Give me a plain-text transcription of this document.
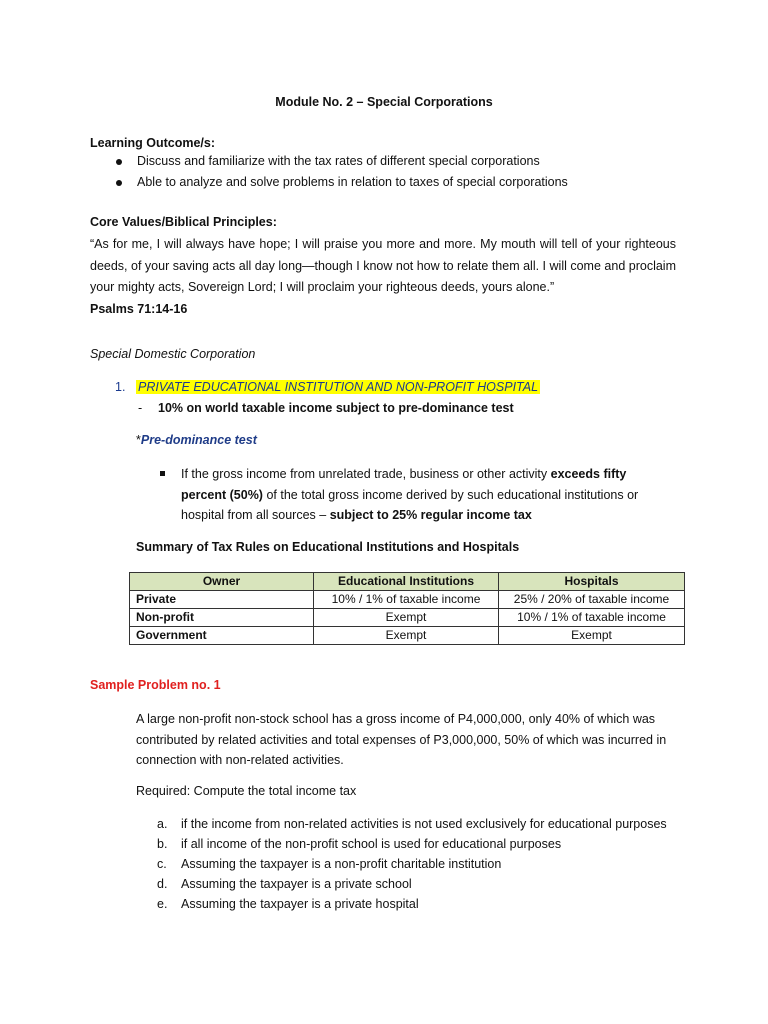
Module No. 2 – Special Corporations
Learning Outcome/s:
Discuss and familiarize with the tax rates of different special corporations
Able to analyze and solve problems in relation to taxes of special corporations
Core Values/Biblical Principles:

“As for me, I will always have hope; I will praise you more and more. My mouth will tell of your righteous deeds, of your saving acts all day long—though I know not how to relate them all. I will come and proclaim your mighty acts, Sovereign Lord; I will proclaim your righteous deeds, yours alone.”

Psalms 71:14-16

Special Domestic Corporation
1. PRIVATE EDUCATIONAL INSTITUTION AND NON-PROFIT HOSPITAL
- 10% on world taxable income subject to pre-dominance test
*Pre-dominance test
If the gross income from unrelated trade, business or other activity exceeds fifty percent (50%) of the total gross income derived by such educational institutions or hospital from all sources – subject to 25% regular income tax
Summary of Tax Rules on Educational Institutions and Hospitals
Owner	Educational Institutions	Hospitals
Private	10% / 1% of taxable income	25% / 20% of taxable income
Non-profit	Exempt	10% / 1% of taxable income
Government	Exempt	Exempt
Sample Problem no. 1
A large non-profit non-stock school has a gross income of P4,000,000, only 40% of which was contributed by related activities and total expenses of P3,000,000, 50% of which was incurred in connection with non-related activities.
Required: Compute the total income tax
a.	if the income from non-related activities is not used exclusively for educational purposes
b.	if all income of the non-profit school is used for educational purposes
c.	Assuming the taxpayer is a non-profit charitable institution
d.	Assuming the taxpayer is a private school
e.	Assuming the taxpayer is a private hospital
